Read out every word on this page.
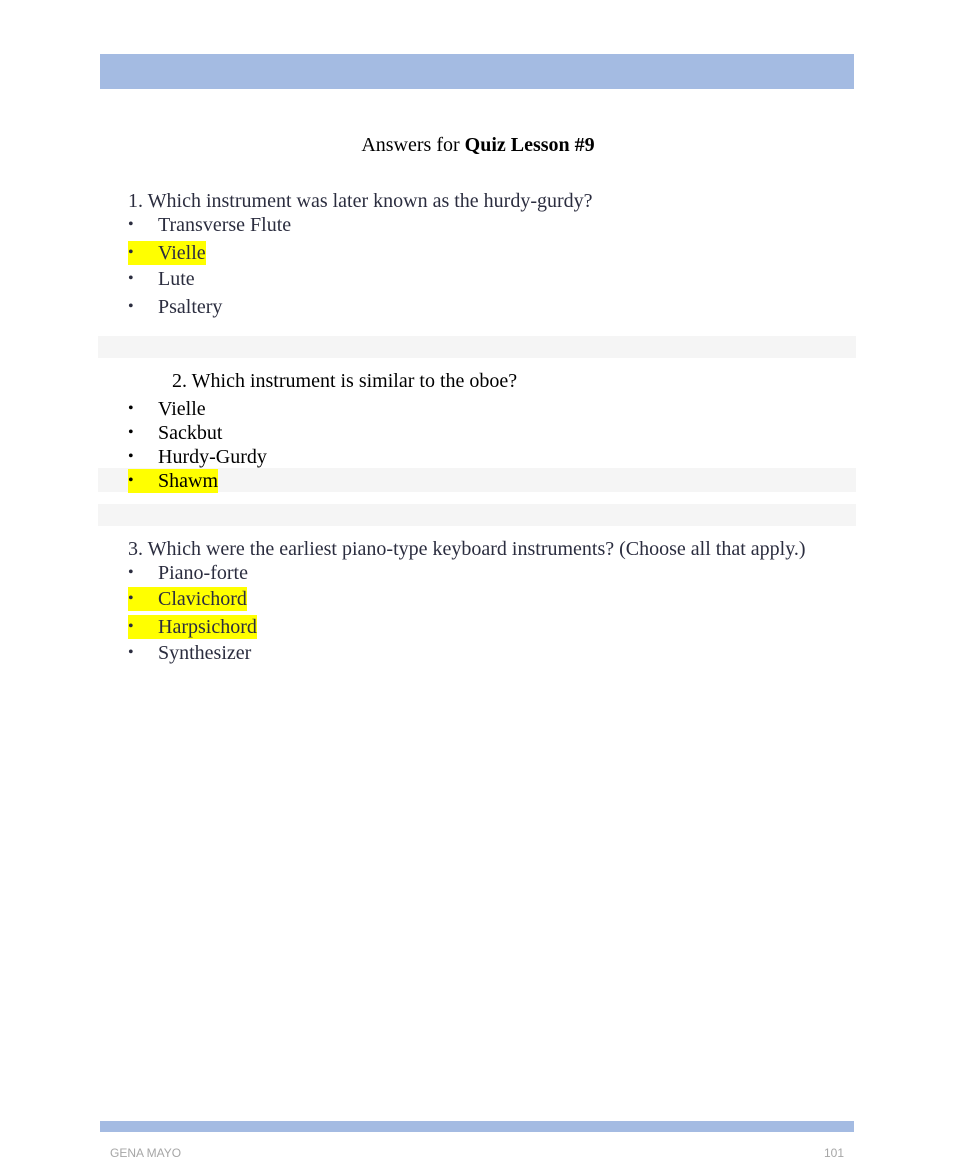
Answers for Quiz Lesson #9
1. Which instrument was later known as the hurdy-gurdy?
•	Transverse Flute
•	Vielle
•	Lute
•	Psaltery
2. Which instrument is similar to the oboe?
•	Vielle
•	Sackbut
•	Hurdy-Gurdy
•	Shawm
3. Which were the earliest piano-type keyboard instruments? (Choose all that apply.)
•	Piano-forte
•	Clavichord
•	Harpsichord
•	Synthesizer
GENA MAYO	101
